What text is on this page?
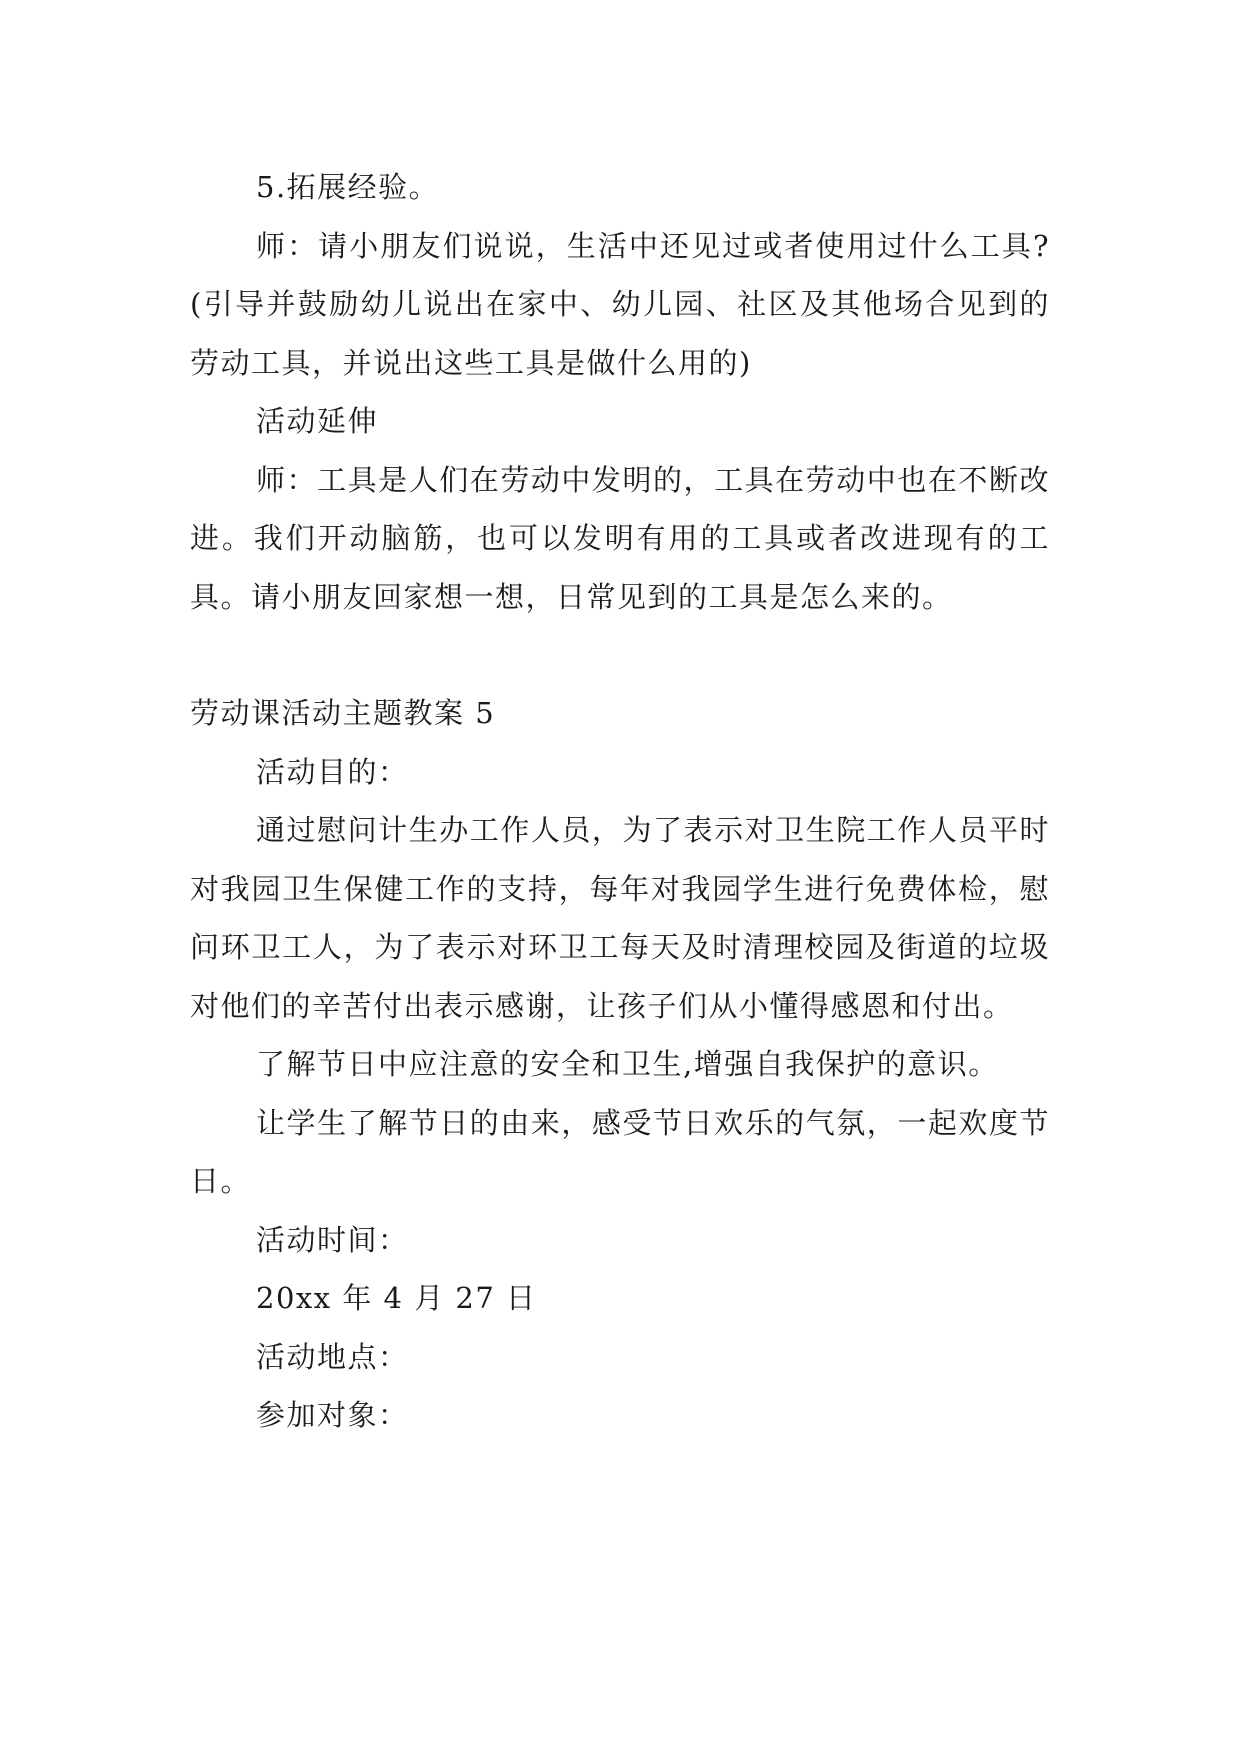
5.拓展经验。

师：请小朋友们说说，生活中还见过或者使用过什么工具?(引导并鼓励幼儿说出在家中、幼儿园、社区及其他场合见到的劳动工具，并说出这些工具是做什么用的)

活动延伸

师：工具是人们在劳动中发明的，工具在劳动中也在不断改进。我们开动脑筋，也可以发明有用的工具或者改进现有的工具。请小朋友回家想一想，日常见到的工具是怎么来的。

劳动课活动主题教案 5

活动目的：

通过慰问计生办工作人员，为了表示对卫生院工作人员平时对我园卫生保健工作的支持，每年对我园学生进行免费体检，慰问环卫工人，为了表示对环卫工每天及时清理校园及街道的垃圾对他们的辛苦付出表示感谢，让孩子们从小懂得感恩和付出。

了解节日中应注意的安全和卫生,增强自我保护的意识。

让学生了解节日的由来，感受节日欢乐的气氛，一起欢度节日。

活动时间：

20xx 年 4 月 27 日

活动地点：

参加对象：
